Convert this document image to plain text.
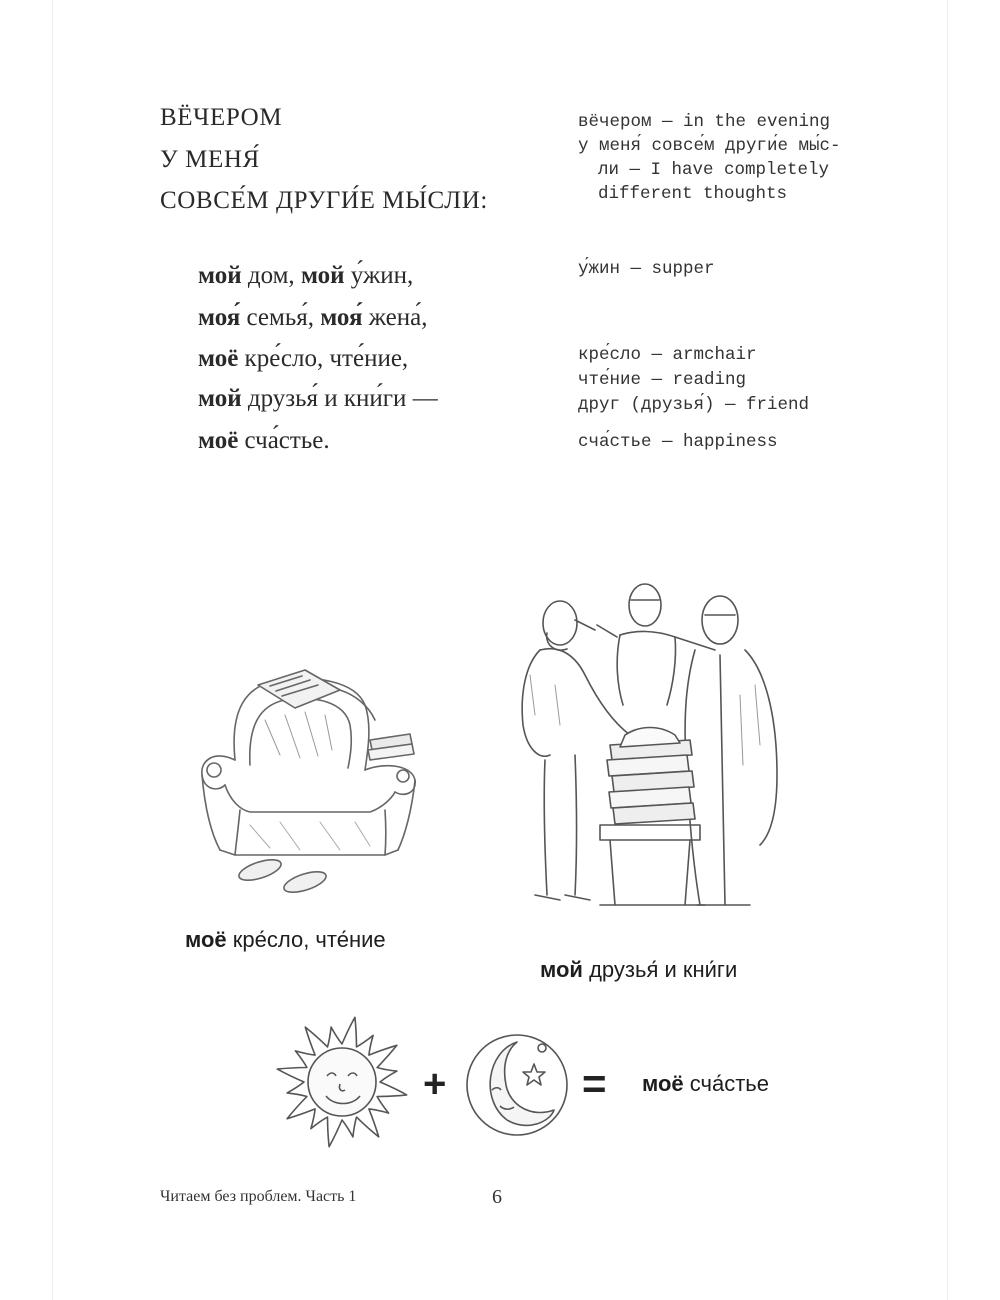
ВЁЧЕРОМ
У МЕНЯ́
СОВСЕ́М ДРУГИ́Е МЫ́СЛИ:
мой дом, мой у́жин,
моя́ семья́, моя́ жена́,
моё кре́сло, чте́ние,
мой друзья́ и кни́ги —
моё сча́стье.
вёчером — in the evening
у меня́ совсе́м други́е мы́с-
ли — I have completely
different thoughts
у́жин — supper
кре́сло — armchair
чте́ние — reading
друг (друзья́) — friend
сча́стье — happiness
моё кре́сло, чте́ние
мой друзья́ и кни́ги
+	= моё сча́стье
Читаем без проблем. Часть 1	6
